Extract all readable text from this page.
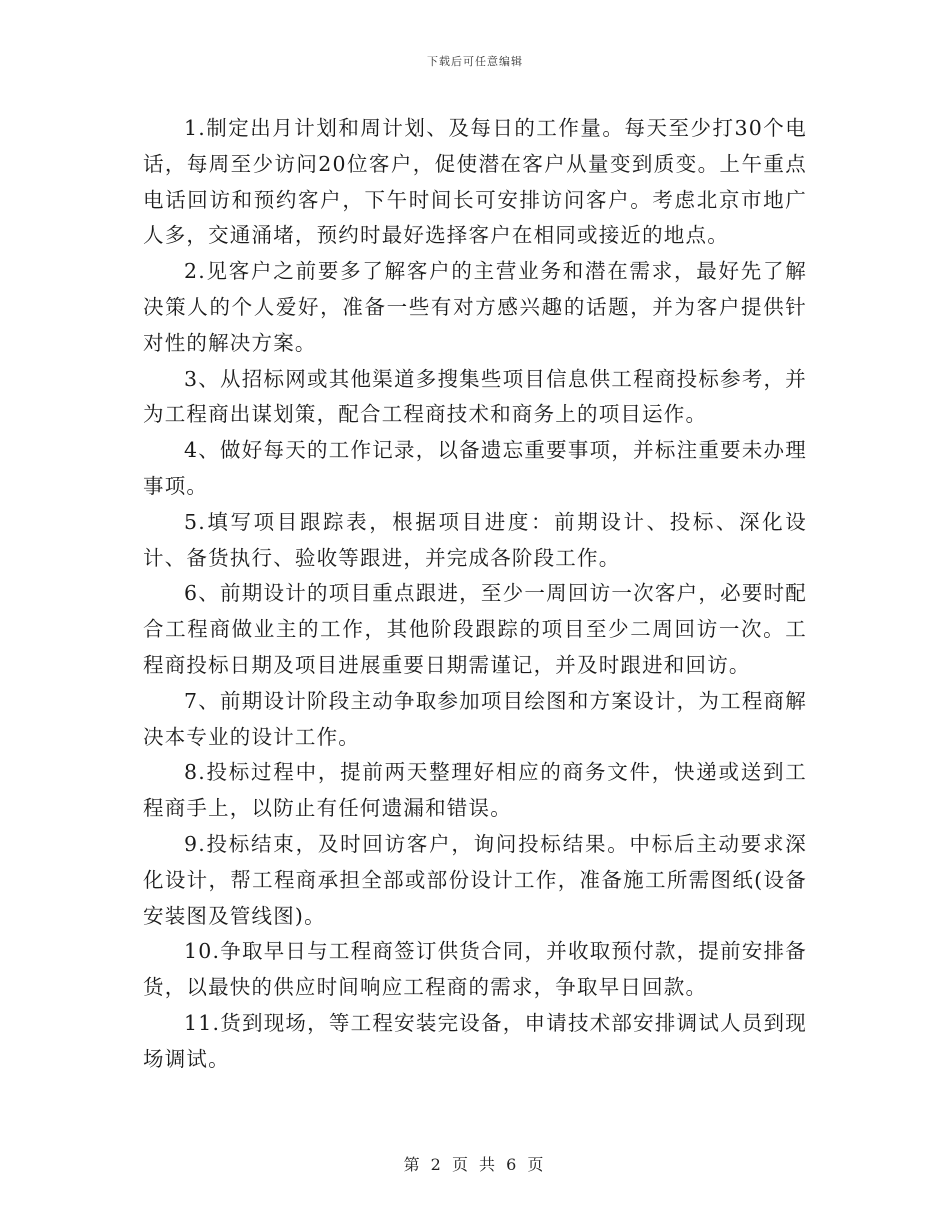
下载后可任意编辑

1.制定出月计划和周计划、及每日的工作量。每天至少打30个电话，每周至少访问20位客户，促使潜在客户从量变到质变。上午重点电话回访和预约客户，下午时间长可安排访问客户。考虑北京市地广人多，交通涌堵，预约时最好选择客户在相同或接近的地点。

2.见客户之前要多了解客户的主营业务和潜在需求，最好先了解决策人的个人爱好，准备一些有对方感兴趣的话题，并为客户提供针对性的解决方案。

3、从招标网或其他渠道多搜集些项目信息供工程商投标参考，并为工程商出谋划策，配合工程商技术和商务上的项目运作。

4、做好每天的工作记录，以备遗忘重要事项，并标注重要未办理事项。

5.填写项目跟踪表，根据项目进度：前期设计、投标、深化设计、备货执行、验收等跟进，并完成各阶段工作。

6、前期设计的项目重点跟进，至少一周回访一次客户，必要时配合工程商做业主的工作，其他阶段跟踪的项目至少二周回访一次。工程商投标日期及项目进展重要日期需谨记，并及时跟进和回访。

7、前期设计阶段主动争取参加项目绘图和方案设计，为工程商解决本专业的设计工作。

8.投标过程中，提前两天整理好相应的商务文件，快递或送到工程商手上，以防止有任何遗漏和错误。

9.投标结束，及时回访客户，询问投标结果。中标后主动要求深化设计，帮工程商承担全部或部份设计工作，准备施工所需图纸(设备安装图及管线图)。

10.争取早日与工程商签订供货合同，并收取预付款，提前安排备货，以最快的供应时间响应工程商的需求，争取早日回款。

11.货到现场，等工程安装完设备，申请技术部安排调试人员到现场调试。

第 2 页 共 6 页
